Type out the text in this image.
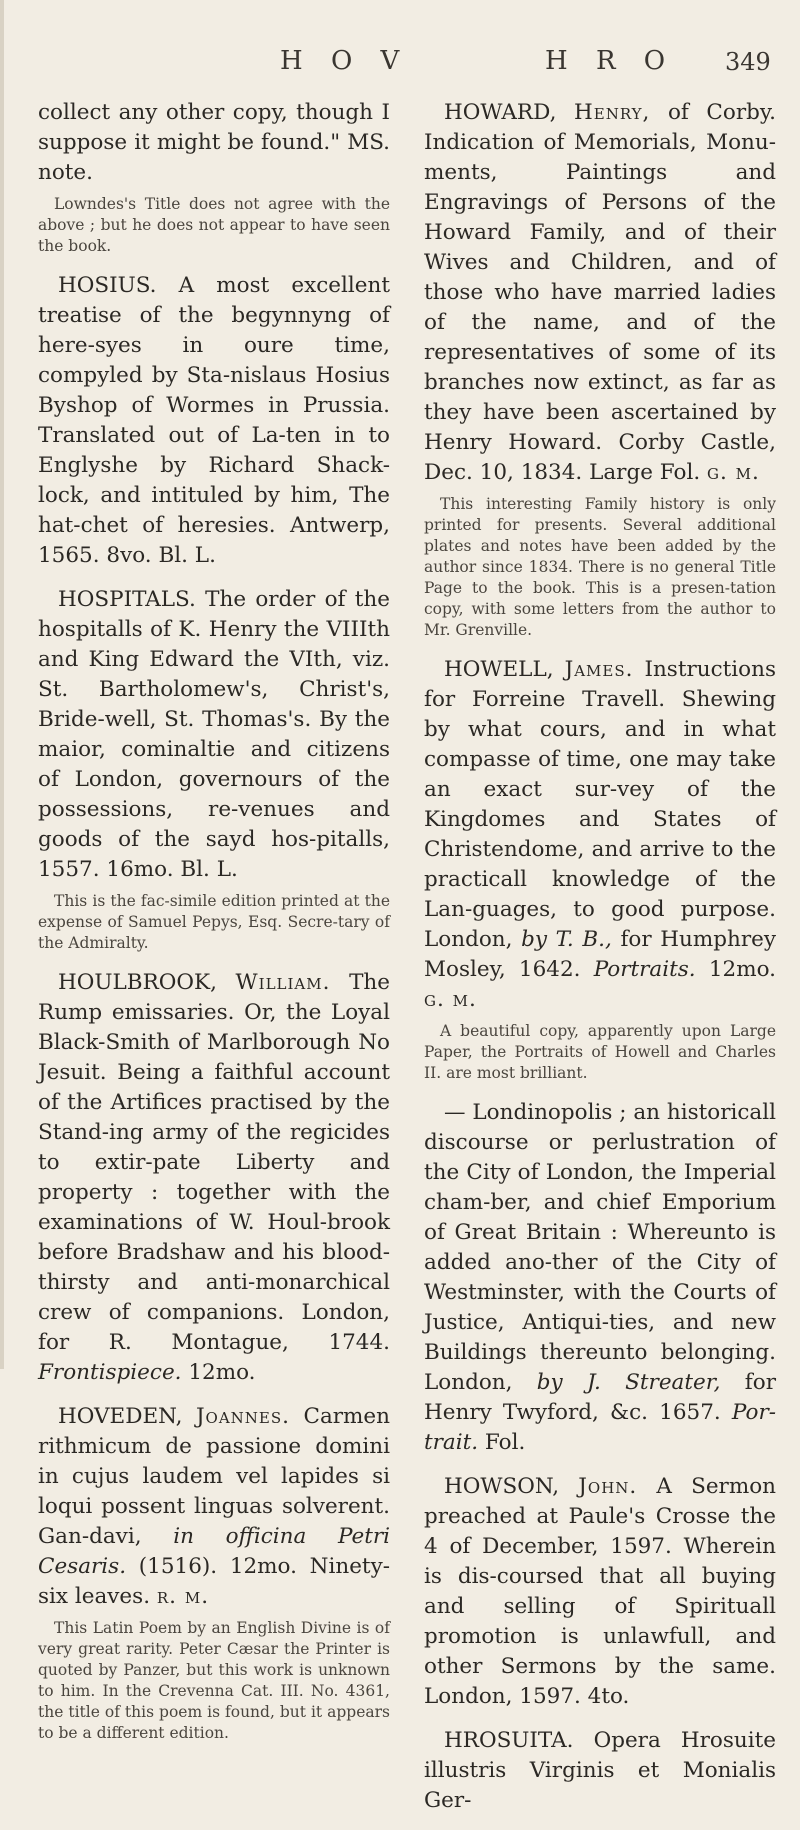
H O V	H R O 349

collect any other copy, though I suppose it might be found." MS. note.

Lowndes's Title does not agree with the above ; but he does not appear to have seen the book.

HOSIUS. A most excellent treatise of the begynnyng of here-syes in oure time, compyled by Sta-nislaus Hosius Byshop of Wormes in Prussia. Translated out of La-ten in to Englyshe by Richard Shack-lock, and intituled by him, The hat-chet of heresies. Antwerp, 1565. 8vo. Bl. L.

HOSPITALS. The order of the hospitalls of K. Henry the VIIIth and King Edward the VIth, viz. St. Bartholomew's, Christ's, Bride-well, St. Thomas's. By the maior, cominaltie and citizens of London, governours of the possessions, re-venues and goods of the sayd hos-pitalls, 1557. 16mo. Bl. L.

This is the fac-simile edition printed at the expense of Samuel Pepys, Esq. Secre-tary of the Admiralty.

HOULBROOK, William. The Rump emissaries. Or, the Loyal Black-Smith of Marlborough No Jesuit. Being a faithful account of the Artifices practised by the Stand-ing army of the regicides to extir-pate Liberty and property : together with the examinations of W. Houl-brook before Bradshaw and his blood-thirsty and anti-monarchical crew of companions. London, for R. Montague, 1744. Frontispiece. 12mo.

HOVEDEN, Joannes. Carmen rithmicum de passione domini in cujus laudem vel lapides si loqui possent linguas solverent. Gan-davi, in officina Petri Cesaris. (1516). 12mo. Ninety-six leaves. r. m.

This Latin Poem by an English Divine is of very great rarity. Peter Cæsar the Printer is quoted by Panzer, but this work is unknown to him. In the Crevenna Cat. III. No. 4361, the title of this poem is found, but it appears to be a different edition.

HOWARD, Henry, of Corby. Indication of Memorials, Monu-ments, Paintings and Engravings of Persons of the Howard Family, and of their Wives and Children, and of those who have married ladies of the name, and of the representatives of some of its branches now extinct, as far as they have been ascertained by Henry Howard. Corby Castle, Dec. 10, 1834. Large Fol. g. m.

This interesting Family history is only printed for presents. Several additional plates and notes have been added by the author since 1834. There is no general Title Page to the book. This is a presen-tation copy, with some letters from the author to Mr. Grenville.

HOWELL, James. Instructions for Forreine Travell. Shewing by what cours, and in what compasse of time, one may take an exact sur-vey of the Kingdomes and States of Christendome, and arrive to the practicall knowledge of the Lan-guages, to good purpose. London, by T. B., for Humphrey Mosley, 1642. Portraits. 12mo. g. m.

A beautiful copy, apparently upon Large Paper, the Portraits of Howell and Charles II. are most brilliant.

— Londinopolis ; an historicall discourse or perlustration of the City of London, the Imperial cham-ber, and chief Emporium of Great Britain : Whereunto is added ano-ther of the City of Westminster, with the Courts of Justice, Antiqui-ties, and new Buildings thereunto belonging. London, by J. Streater, for Henry Twyford, &c. 1657. Por-trait. Fol.

HOWSON, John. A Sermon preached at Paule's Crosse the 4 of December, 1597. Wherein is dis-coursed that all buying and selling of Spirituall promotion is unlawfull, and other Sermons by the same. London, 1597. 4to.

HROSUITA. Opera Hrosuite illustris Virginis et Monialis Ger-
